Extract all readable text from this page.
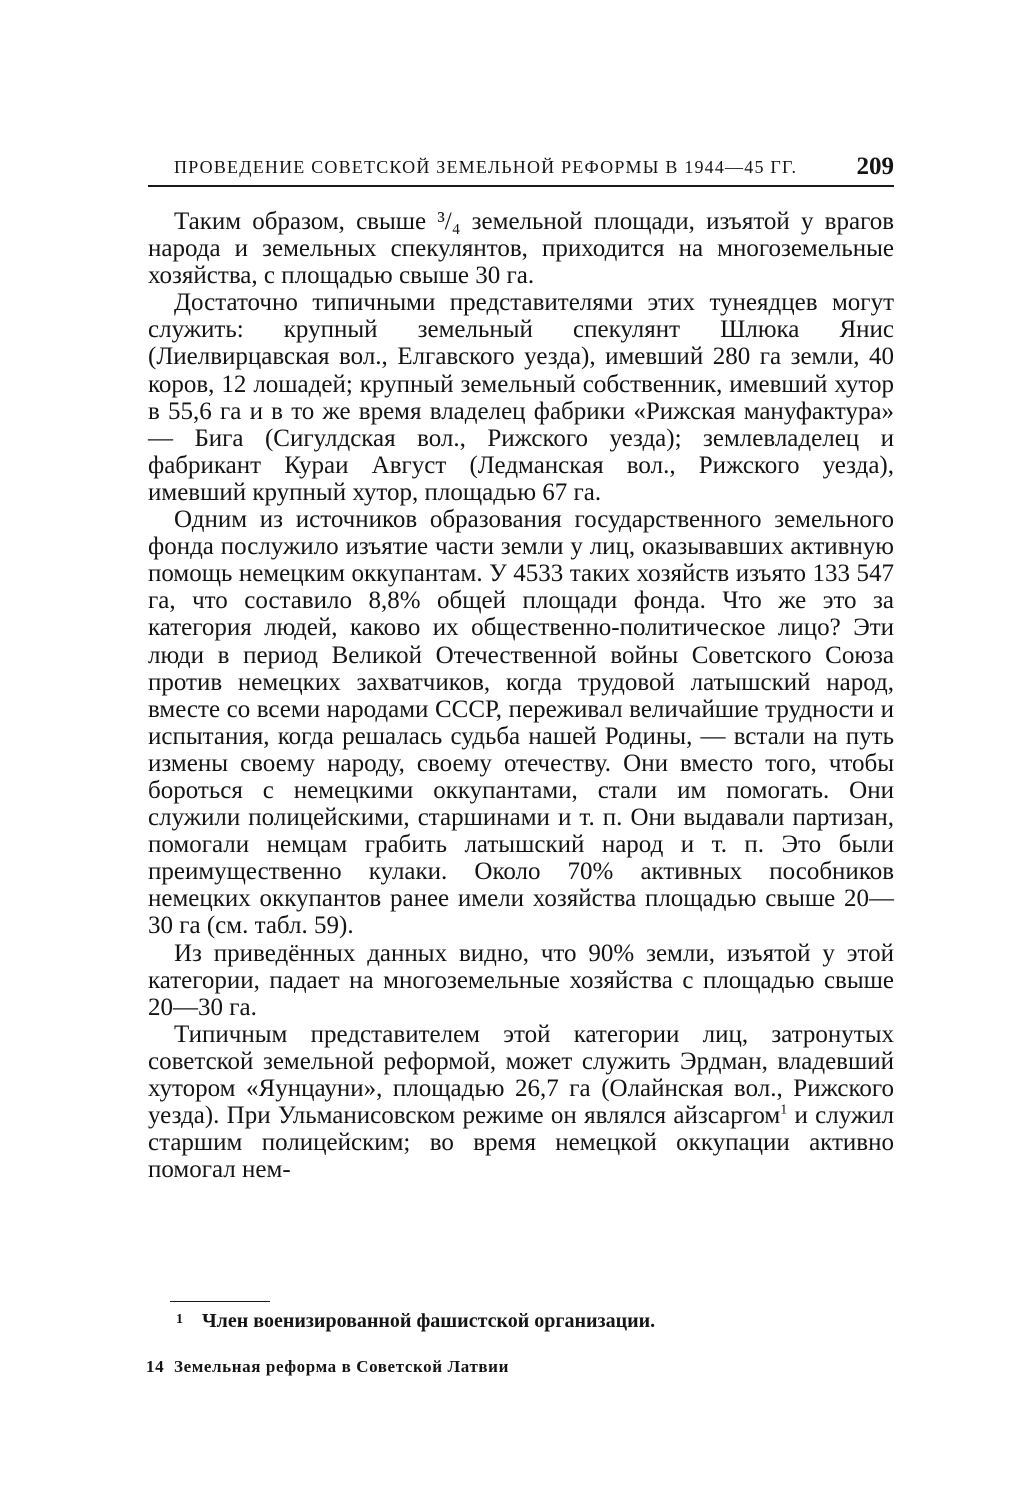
ПРОВЕДЕНИЕ СОВЕТСКОЙ ЗЕМЕЛЬНОЙ РЕФОРМЫ В 1944—45 ГГ. 209

Таким образом, свыше ³/₄ земельной площади, изъятой у врагов народа и земельных спекулянтов, приходится на многоземельные хозяйства, с площадью свыше 30 га.

Достаточно типичными представителями этих тунеядцев могут служить: крупный земельный спекулянт Шлюка Янис (Лиелвирцавская вол., Елгавского уезда), имевший 280 га земли, 40 коров, 12 лошадей; крупный земельный собственник, имевший хутор в 55,6 га и в то же время владелец фабрики «Рижская мануфактура» — Бига (Сигулдская вол., Рижского уезда); землевладелец и фабрикант Кураи Август (Ледманская вол., Рижского уезда), имевший крупный хутор, площадью 67 га.

Одним из источников образования государственного земельного фонда послужило изъятие части земли у лиц, оказывавших активную помощь немецким оккупантам. У 4533 таких хозяйств изъято 133 547 га, что составило 8,8% общей площади фонда. Что же это за категория людей, каково их общественно-политическое лицо? Эти люди в период Великой Отечественной войны Советского Союза против немецких захватчиков, когда трудовой латышский народ, вместе со всеми народами СССР, переживал величайшие трудности и испытания, когда решалась судьба нашей Родины, — встали на путь измены своему народу, своему отечеству. Они вместо того, чтобы бороться с немецкими оккупантами, стали им помогать. Они служили полицейскими, старшинами и т. п. Они выдавали партизан, помогали немцам грабить латышский народ и т. п. Это были преимущественно кулаки. Около 70% активных пособников немецких оккупантов ранее имели хозяйства площадью свыше 20—30 га (см. табл. 59).

Из приведённых данных видно, что 90% земли, изъятой у этой категории, падает на многоземельные хозяйства с площадью свыше 20—30 га.

Типичным представителем этой категории лиц, затронутых советской земельной реформой, может служить Эрдман, владевший хутором «Яунцауни», площадью 26,7 га (Олайнская вол., Рижского уезда). При Ульманисовском режиме он являлся айзсаргом$^1$ и служил старшим полицейским; во время немецкой оккупации активно помогал нем-

1 Член военизированной фашистской организации.
14 Земельная реформа в Советской Латвии
